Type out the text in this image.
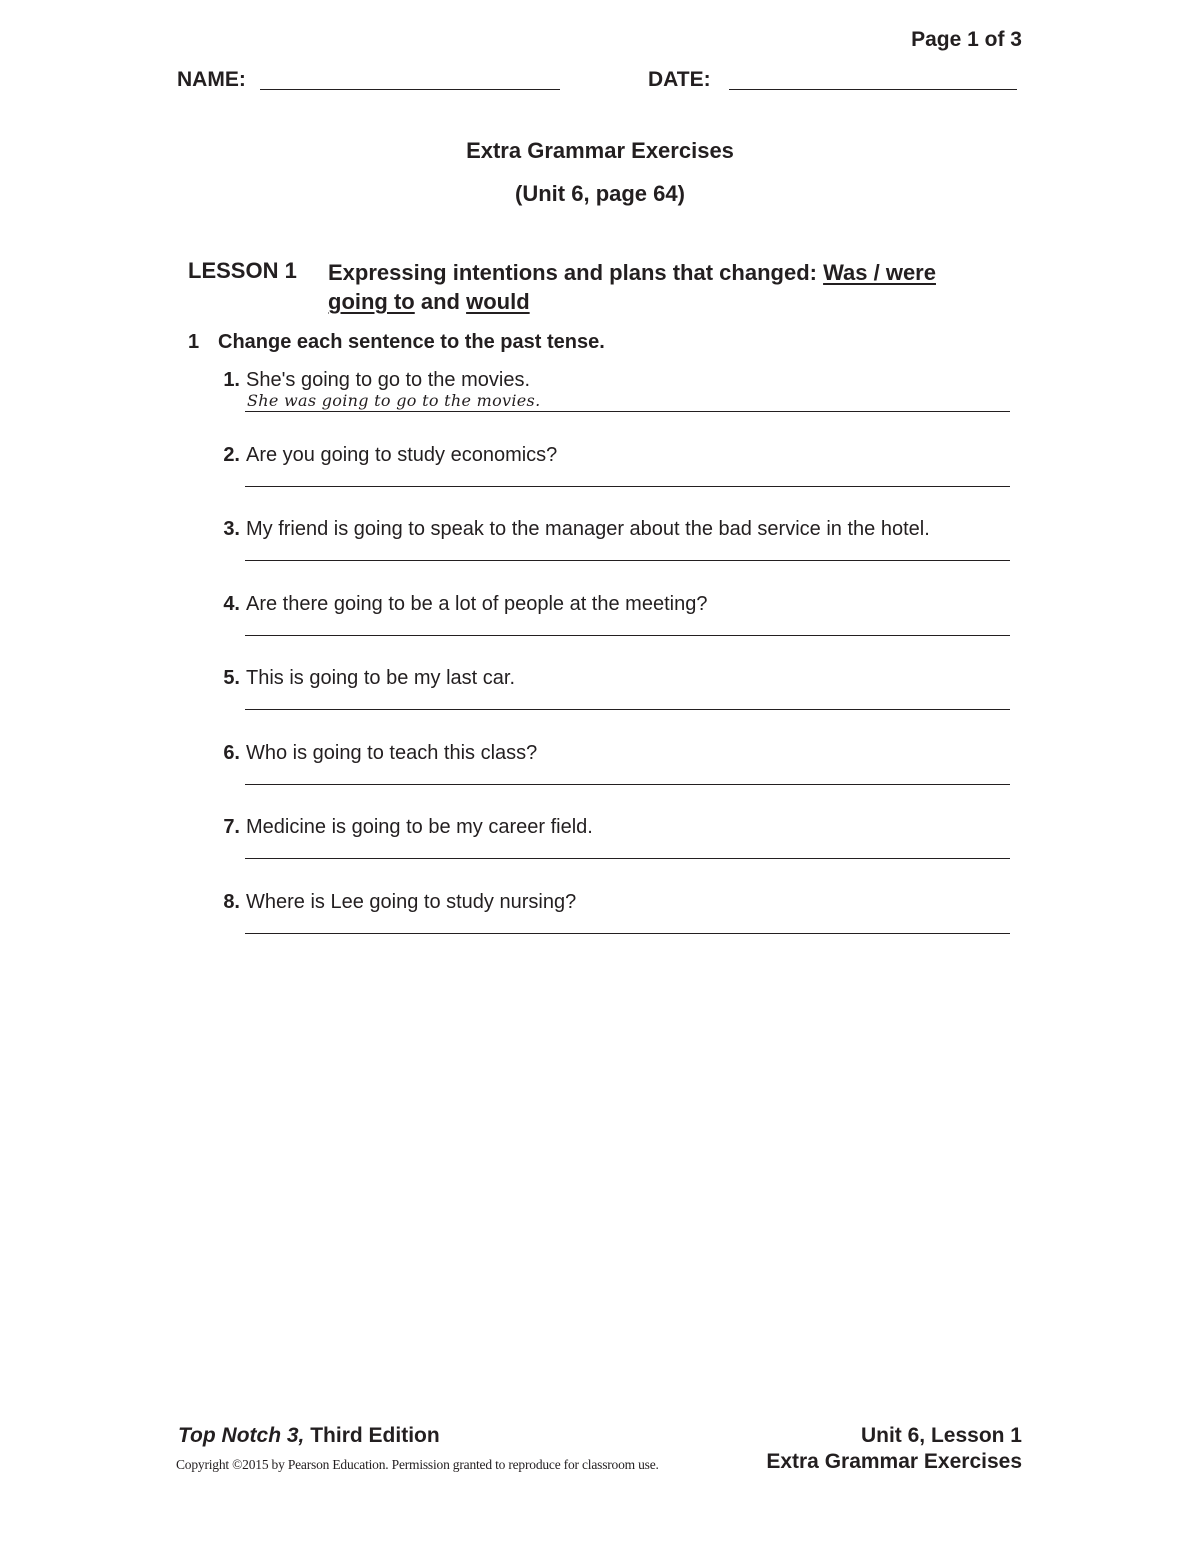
Page 1 of 3
NAME:	DATE:
Extra Grammar Exercises
(Unit 6, page 64)
LESSON 1 Expressing intentions and plans that changed: Was / were
going to and would
1 Change each sentence to the past tense.
1. She's going to go to the movies.
She was going to go to the movies.
2. Are you going to study economics?
3. My friend is going to speak to the manager about the bad service in the hotel.
4. Are there going to be a lot of people at the meeting?
5. This is going to be my last car.
6. Who is going to teach this class?
7. Medicine is going to be my career field.
8. Where is Lee going to study nursing?
Top Notch 3, Third Edition
Copyright ©2015 by Pearson Education. Permission granted to reproduce for classroom use.
Unit 6, Lesson 1
Extra Grammar Exercises
